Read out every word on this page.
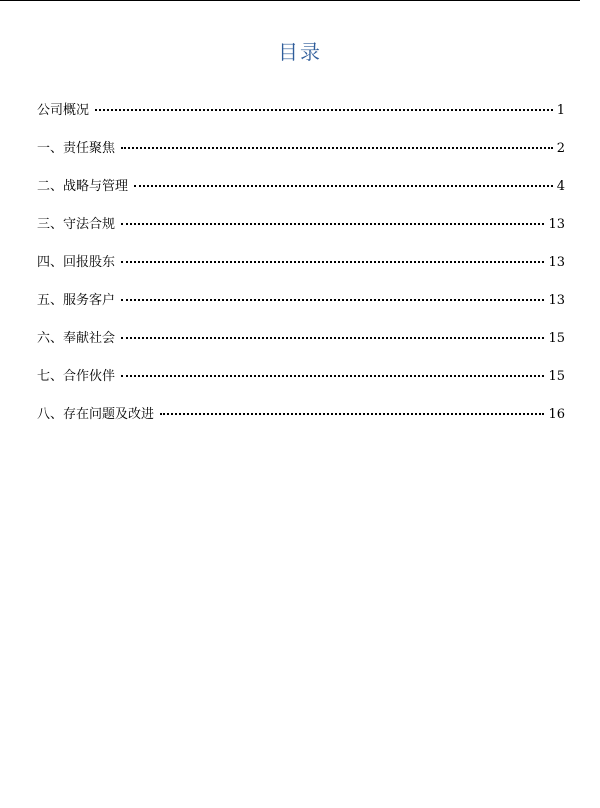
目录
公司概况	1
一、责任聚焦	2
二、战略与管理	4
三、守法合规	13
四、回报股东	13
五、服务客户	13
六、奉献社会	15
七、合作伙伴	15
八、存在问题及改进	16
